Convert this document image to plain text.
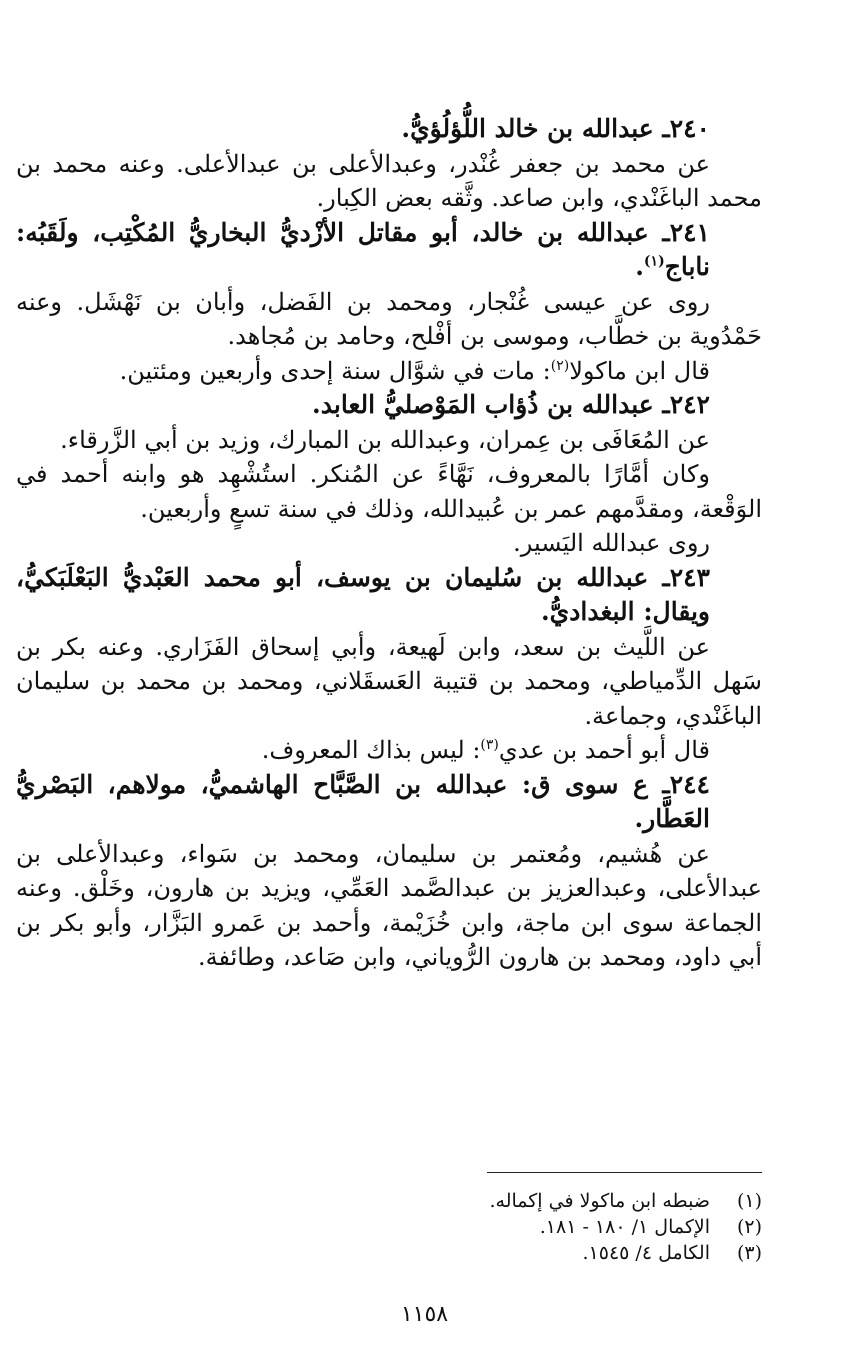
٢٤٠ـ عبدالله بن خالد اللُّؤلُؤيُّ.

عن محمد بن جعفر غُنْدر، وعبدالأعلى بن عبدالأعلى. وعنه محمد بن محمد الباغَنْدي، وابن صاعد. وثَّقه بعض الكِبار.

٢٤١ـ عبدالله بن خالد، أبو مقاتل الأزْديُّ البخاريُّ المُكْتِب، ولَقَبُه: ناباج$^{(١)}$.

روى عن عيسى غُنْجار، ومحمد بن الفَضل، وأبان بن نَهْشَل. وعنه حَمْدُوية بن خطَّاب، وموسى بن أفْلح، وحامد بن مُجاهد.

قال ابن ماكولا$^{(٢)}$: مات في شوَّال سنة إحدى وأربعين ومئتين.

٢٤٢ـ عبدالله بن ذُؤاب المَوْصليُّ العابد.

عن المُعَافَى بن عِمران، وعبدالله بن المبارك، وزيد بن أبي الزَّرقاء.

وكان أمَّارًا بالمعروف، نَهَّاءً عن المُنكر. استُشْهِد هو وابنه أحمد في الوَقْعة، ومقدَّمهم عمر بن عُبيدالله، وذلك في سنة تسعٍ وأربعين.

روى عبدالله اليَسير.

٢٤٣ـ عبدالله بن سُليمان بن يوسف، أبو محمد العَبْديُّ البَعْلَبَكيُّ، ويقال: البغداديُّ.

عن اللَّيث بن سعد، وابن لَهيعة، وأبي إسحاق الفَزَاري. وعنه بكر بن سَهل الدِّمياطي، ومحمد بن قتيبة العَسقَلاني، ومحمد بن محمد بن سليمان الباغَنْدي، وجماعة.

قال أبو أحمد بن عدي$^{(٣)}$: ليس بذاك المعروف.

٢٤٤ـ ع سوى ق: عبدالله بن الصَّبَّاح الهاشميُّ، مولاهم، البَصْريُّ العَطَّار.

عن هُشيم، ومُعتمر بن سليمان، ومحمد بن سَواء، وعبدالأعلى بن عبدالأعلى، وعبدالعزيز بن عبدالصَّمد العَمِّي، ويزيد بن هارون، وخَلْق. وعنه الجماعة سوى ابن ماجة، وابن خُزَيْمة، وأحمد بن عَمرو البَزَّار، وأبو بكر بن أبي داود، ومحمد بن هارون الرُّوياني، وابن صَاعد، وطائفة.

(١)ضبطه ابن ماكولا في إكماله.

(٢)الإكمال ١/ ١٨٠ - ١٨١.

(٣)الكامل ٤/ ١٥٤٥.

١١٥٨
